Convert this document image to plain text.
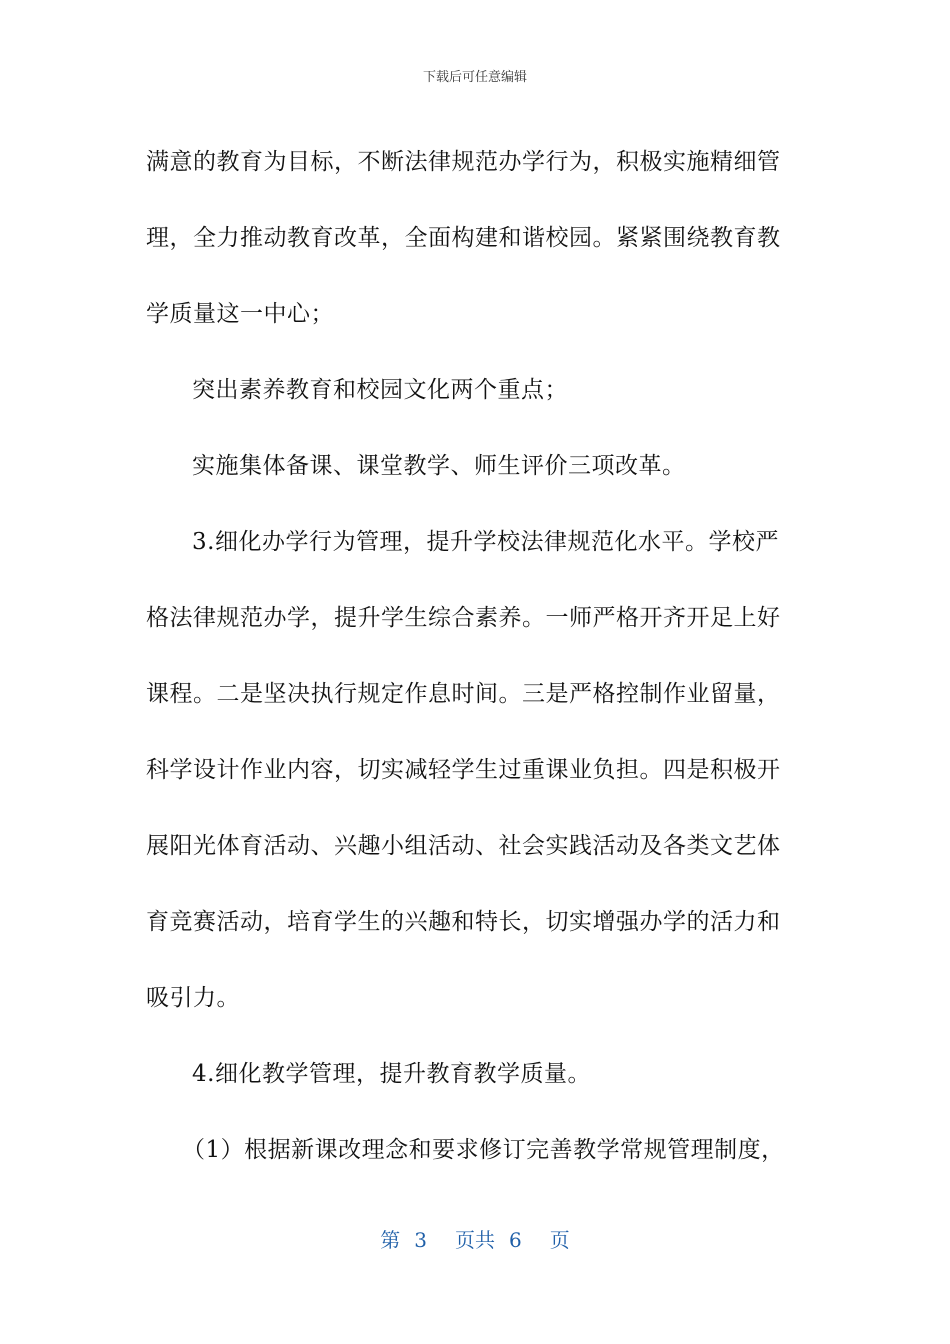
下载后可任意编辑
满意的教育为目标，不断法律规范办学行为，积极实施精细管
理，全力推动教育改革，全面构建和谐校园。紧紧围绕教育教
学质量这一中心；
突出素养教育和校园文化两个重点；
实施集体备课、课堂教学、师生评价三项改革。
3.细化办学行为管理，提升学校法律规范化水平。学校严
格法律规范办学，提升学生综合素养。一师严格开齐开足上好
课程。二是坚决执行规定作息时间。三是严格控制作业留量，
科学设计作业内容，切实减轻学生过重课业负担。四是积极开
展阳光体育活动、兴趣小组活动、社会实践活动及各类文艺体
育竞赛活动，培育学生的兴趣和特长，切实增强办学的活力和
吸引力。
4.细化教学管理，提升教育教学质量。
（1）根据新课改理念和要求修订完善教学常规管理制度，
第 3 页共 6 页
